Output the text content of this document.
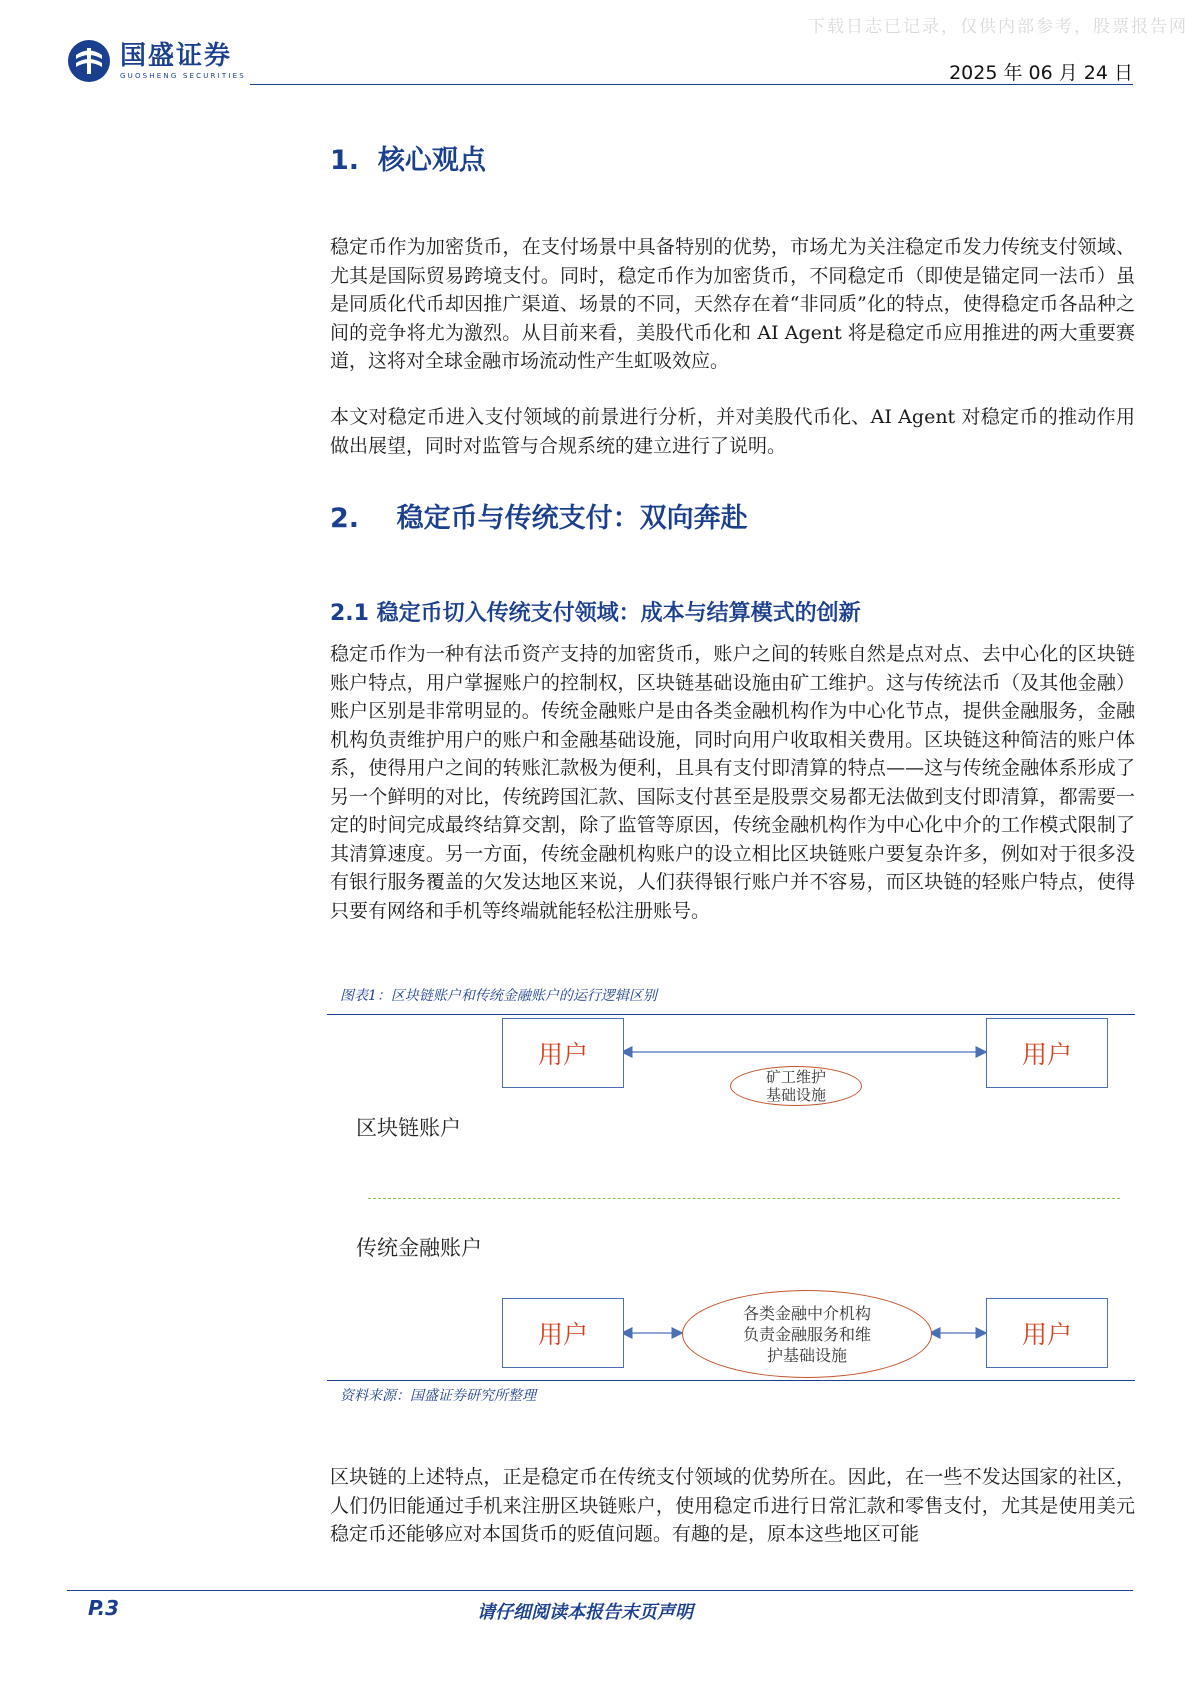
下载日志已记录，仅供内部参考，股票报告网
国盛证券
GUOSHENG SECURITIES	2025 年 06 月 24 日
1.  核心观点

稳定币作为加密货币，在支付场景中具备特别的优势，市场尤为关注稳定币发力传统支付领域、尤其是国际贸易跨境支付。同时，稳定币作为加密货币，不同稳定币（即使是锚定同一法币）虽是同质化代币却因推广渠道、场景的不同，天然存在着“非同质”化的特点，使得稳定币各品种之间的竞争将尤为激烈。从目前来看，美股代币化和 AI Agent 将是稳定币应用推进的两大重要赛道，这将对全球金融市场流动性产生虹吸效应。

本文对稳定币进入支付领域的前景进行分析，并对美股代币化、AI Agent 对稳定币的推动作用做出展望，同时对监管与合规系统的建立进行了说明。

2.    稳定币与传统支付：双向奔赴
2.1 稳定币切入传统支付领域：成本与结算模式的创新

稳定币作为一种有法币资产支持的加密货币，账户之间的转账自然是点对点、去中心化的区块链账户特点，用户掌握账户的控制权，区块链基础设施由矿工维护。这与传统法币（及其他金融）账户区别是非常明显的。传统金融账户是由各类金融机构作为中心化节点，提供金融服务，金融机构负责维护用户的账户和金融基础设施，同时向用户收取相关费用。区块链这种简洁的账户体系，使得用户之间的转账汇款极为便利，且具有支付即清算的特点——这与传统金融体系形成了另一个鲜明的对比，传统跨国汇款、国际支付甚至是股票交易都无法做到支付即清算，都需要一定的时间完成最终结算交割，除了监管等原因，传统金融机构作为中心化中介的工作模式限制了其清算速度。另一方面，传统金融机构账户的设立相比区块链账户要复杂许多，例如对于很多没有银行服务覆盖的欠发达地区来说，人们获得银行账户并不容易，而区块链的轻账户特点，使得只要有网络和手机等终端就能轻松注册账号。

图表1：区块链账户和传统金融账户的运行逻辑区别
用户	用户
矿工维护
基础设施
区块链账户
传统金融账户
用户	用户
各类金融中介机构
负责金融服务和维
护基础设施
资料来源：国盛证券研究所整理

区块链的上述特点，正是稳定币在传统支付领域的优势所在。因此，在一些不发达国家的社区，人们仍旧能通过手机来注册区块链账户，使用稳定币进行日常汇款和零售支付，尤其是使用美元稳定币还能够应对本国货币的贬值问题。有趣的是，原本这些地区可能

P.3	请仔细阅读本报告末页声明
